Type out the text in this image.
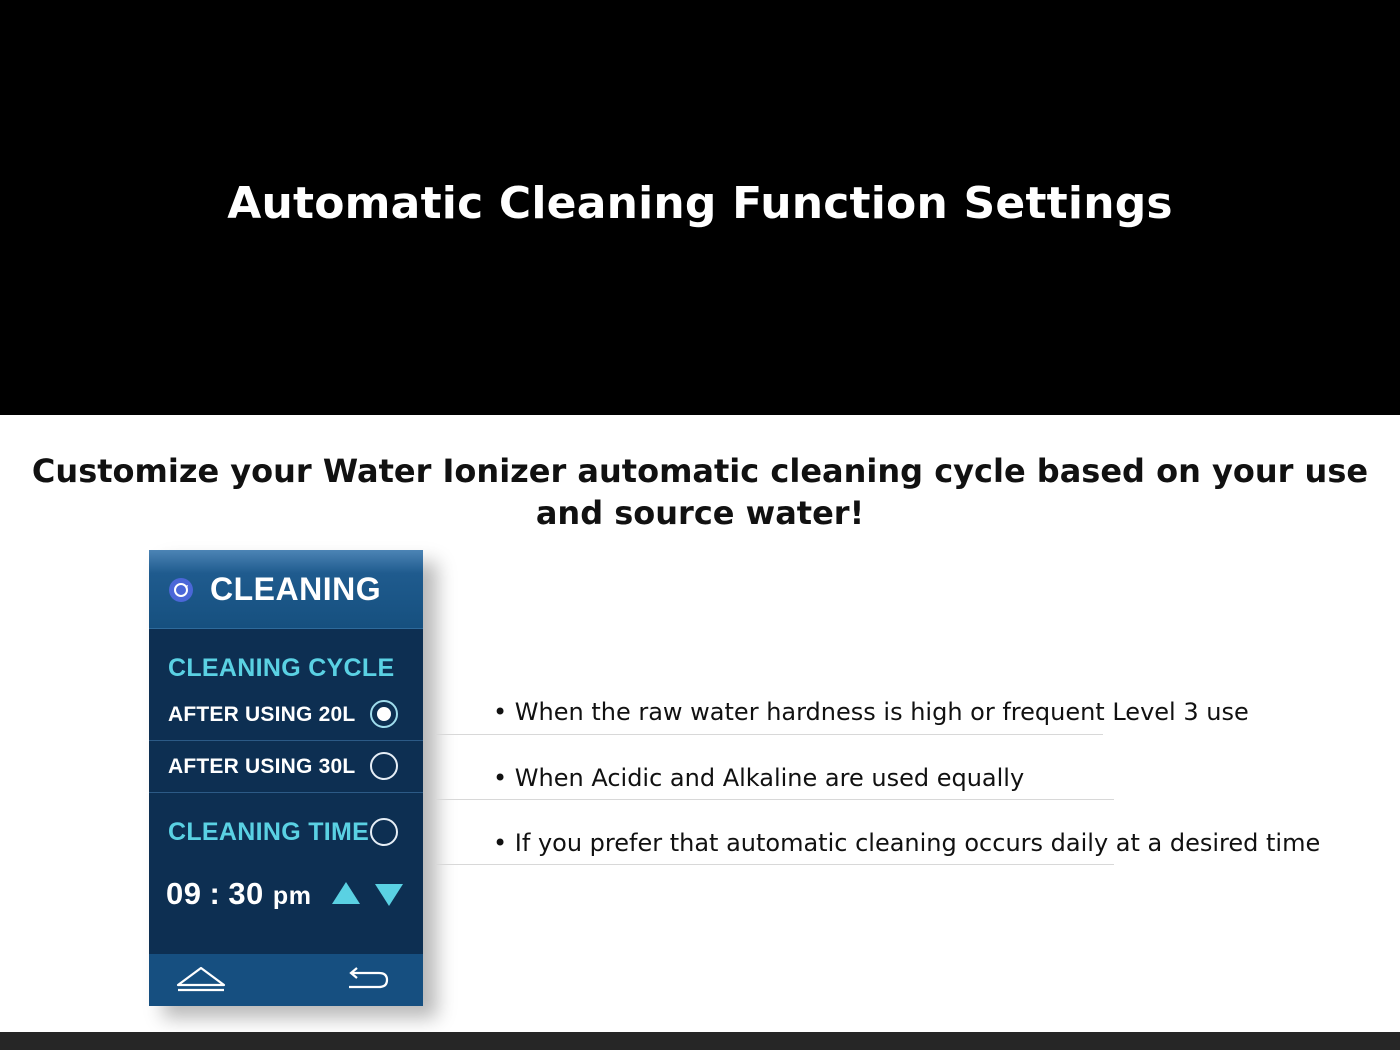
Automatic Cleaning Function Settings
Customize your Water Ionizer automatic cleaning cycle based on your use and source water!
CLEANING
CLEANING CYCLE
AFTER USING 20L
AFTER USING 30L
CLEANING TIME
09 : 30 pm
• When the raw water hardness is high or frequent Level 3 use
• When Acidic and Alkaline are used equally
• If you prefer that automatic cleaning occurs daily at a desired time
